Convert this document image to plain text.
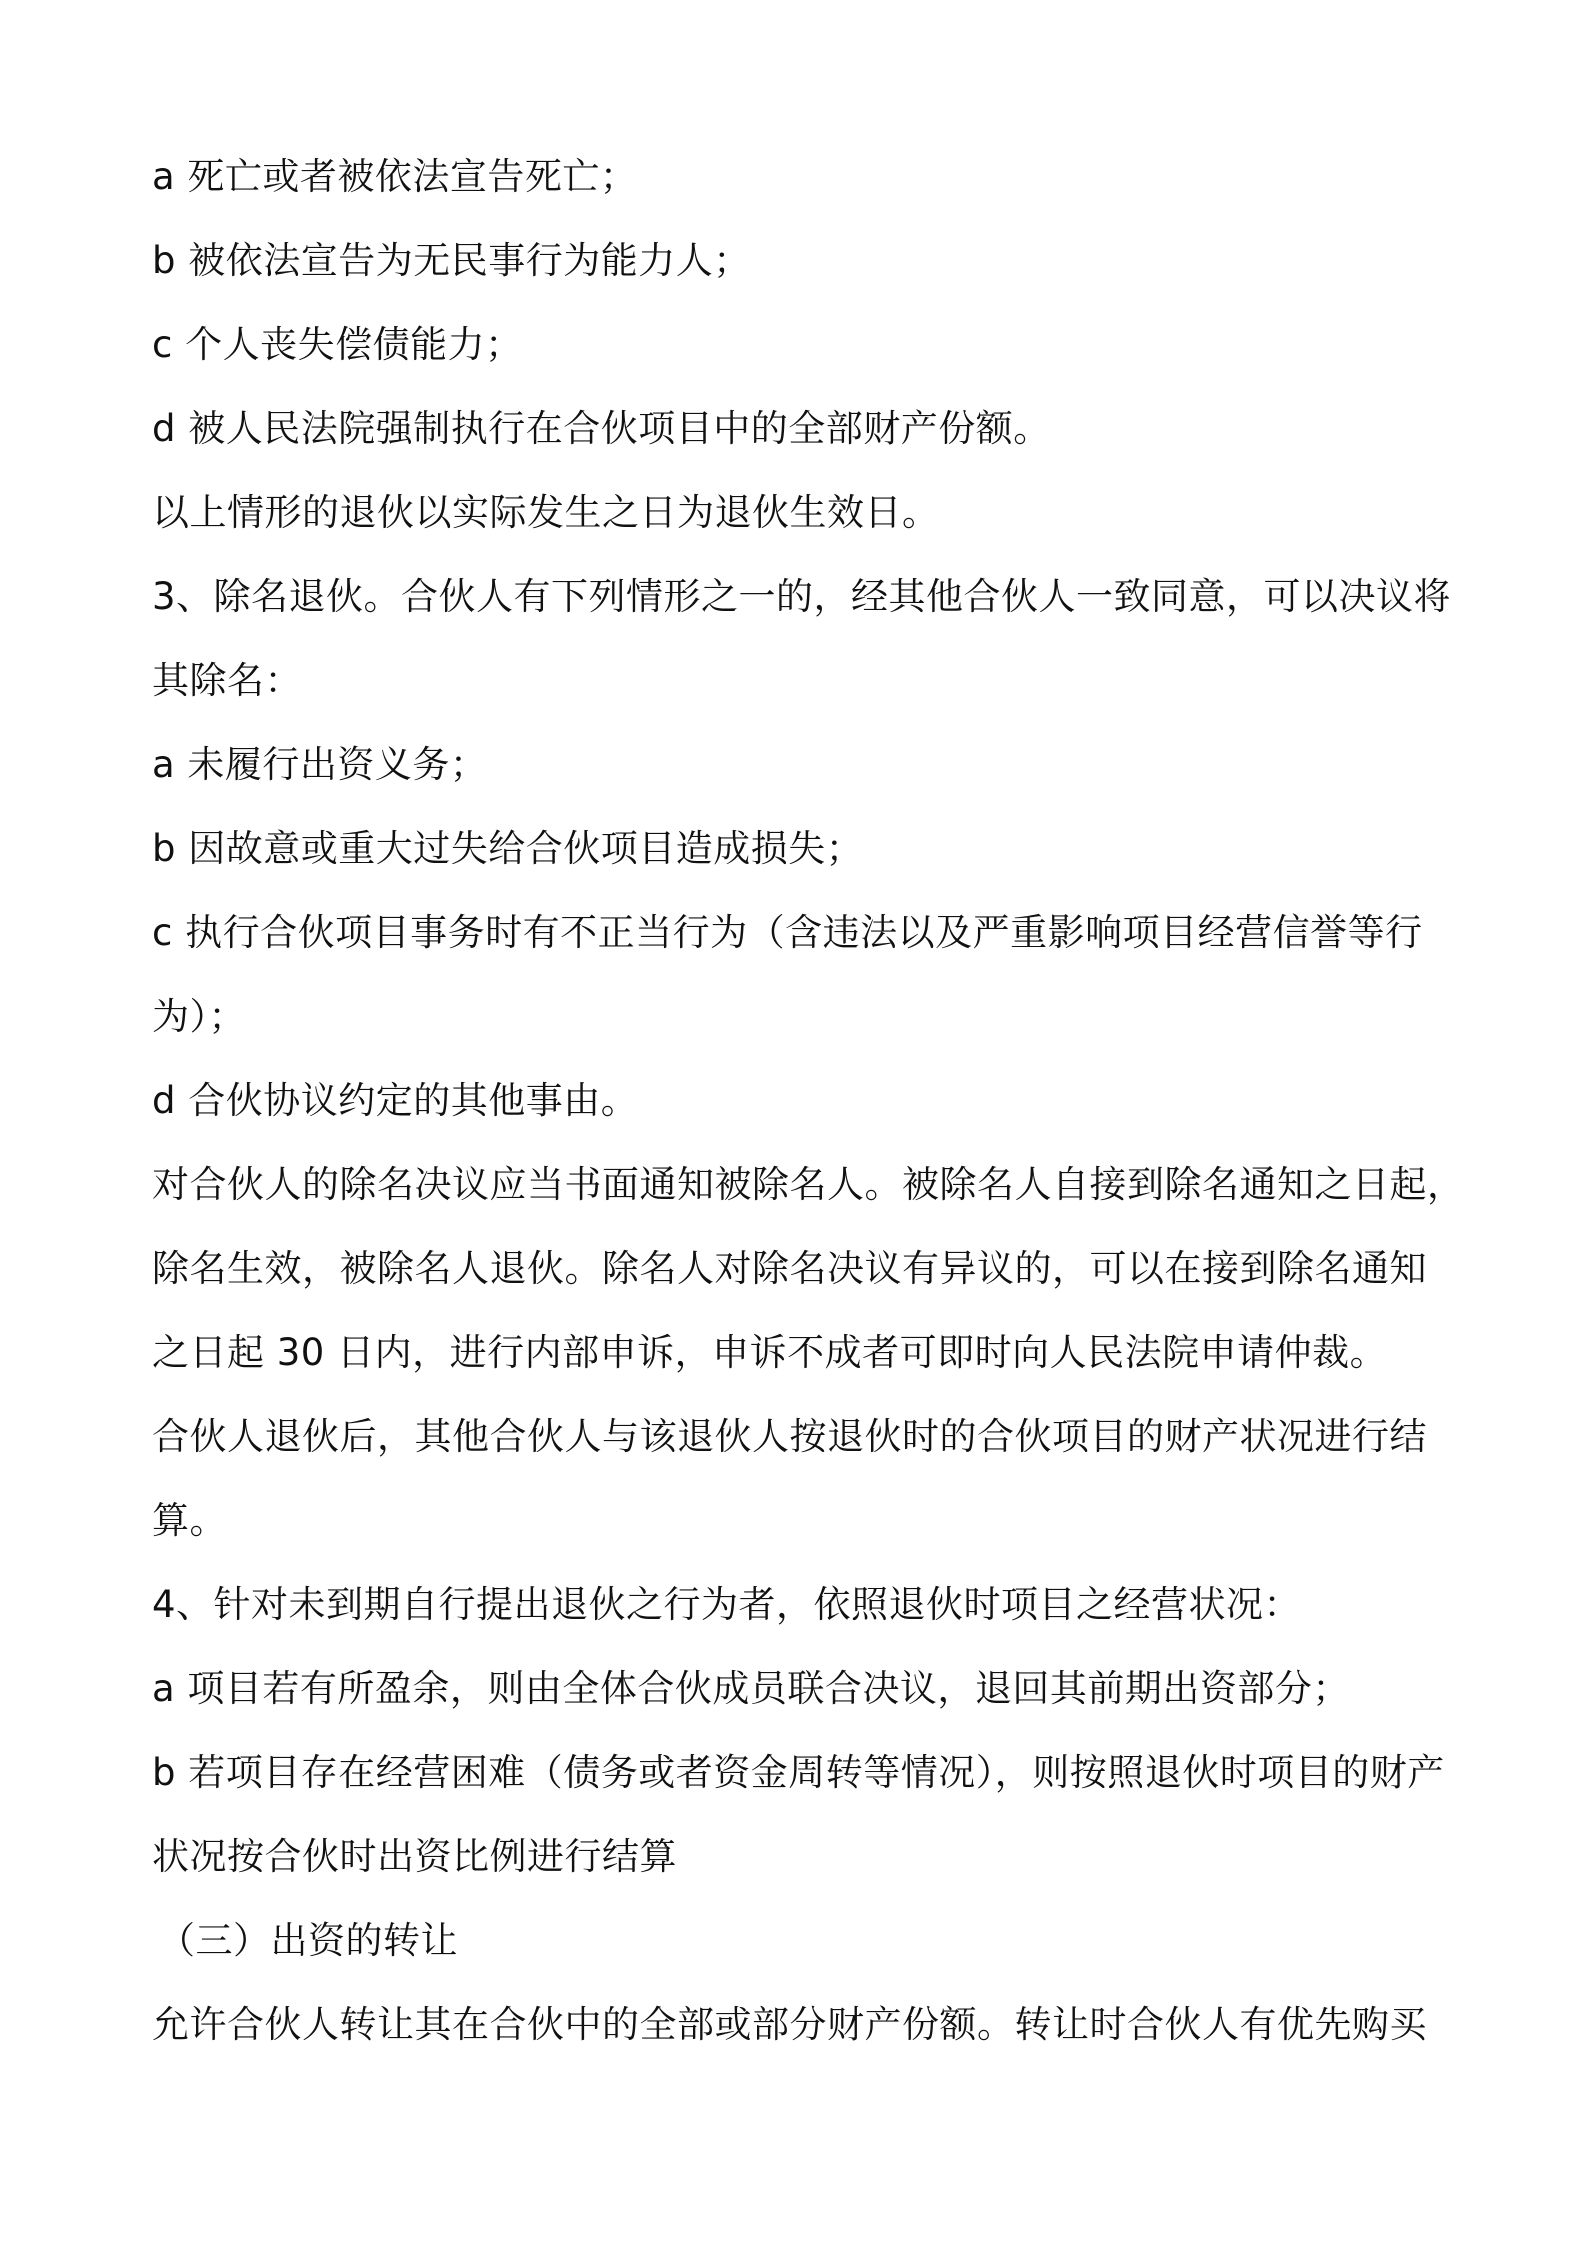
a 死亡或者被依法宣告死亡；
b 被依法宣告为无民事行为能力人；
c 个人丧失偿债能力；
d 被人民法院强制执行在合伙项目中的全部财产份额。
以上情形的退伙以实际发生之日为退伙生效日。
3、除名退伙。合伙人有下列情形之一的，经其他合伙人一致同意，可以决议将
其除名：
a 未履行出资义务；
b 因故意或重大过失给合伙项目造成损失；
c 执行合伙项目事务时有不正当行为（含违法以及严重影响项目经营信誉等行
为）；
d 合伙协议约定的其他事由。
对合伙人的除名决议应当书面通知被除名人。被除名人自接到除名通知之日起，
除名生效，被除名人退伙。除名人对除名决议有异议的，可以在接到除名通知
之日起 30 日内，进行内部申诉，申诉不成者可即时向人民法院申请仲裁。
合伙人退伙后，其他合伙人与该退伙人按退伙时的合伙项目的财产状况进行结
算。
4、针对未到期自行提出退伙之行为者，依照退伙时项目之经营状况：
a 项目若有所盈余，则由全体合伙成员联合决议，退回其前期出资部分；
b 若项目存在经营困难（债务或者资金周转等情况），则按照退伙时项目的财产
状况按合伙时出资比例进行结算
（三）出资的转让
允许合伙人转让其在合伙中的全部或部分财产份额。转让时合伙人有优先购买
